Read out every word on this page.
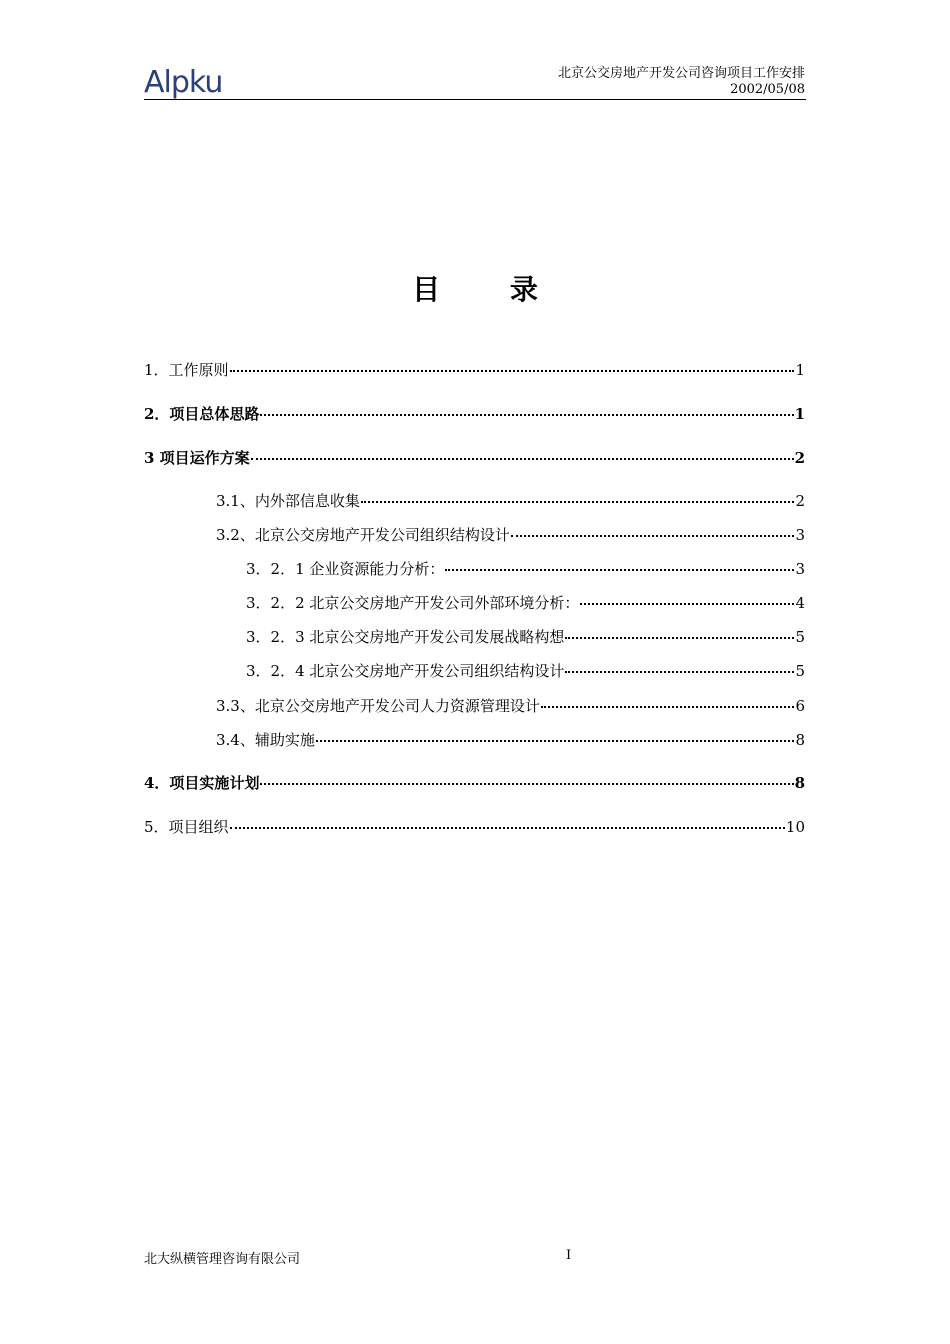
Alpku	北京公交房地产开发公司咨询项目工作安排
2002/05/08
目 录
1．工作原则	1
2．项目总体思路	1
3 项目运作方案	2
3.1、内外部信息收集	2
3.2、北京公交房地产开发公司组织结构设计	3
3．2．1 企业资源能力分析：	3
3．2．2 北京公交房地产开发公司外部环境分析：	4
3．2．3 北京公交房地产开发公司发展战略构想	5
3．2．4 北京公交房地产开发公司组织结构设计	5
3.3、北京公交房地产开发公司人力资源管理设计	6
3.4、辅助实施	8
4．项目实施计划	8
5．项目组织	10
北大纵横管理咨询有限公司	I
